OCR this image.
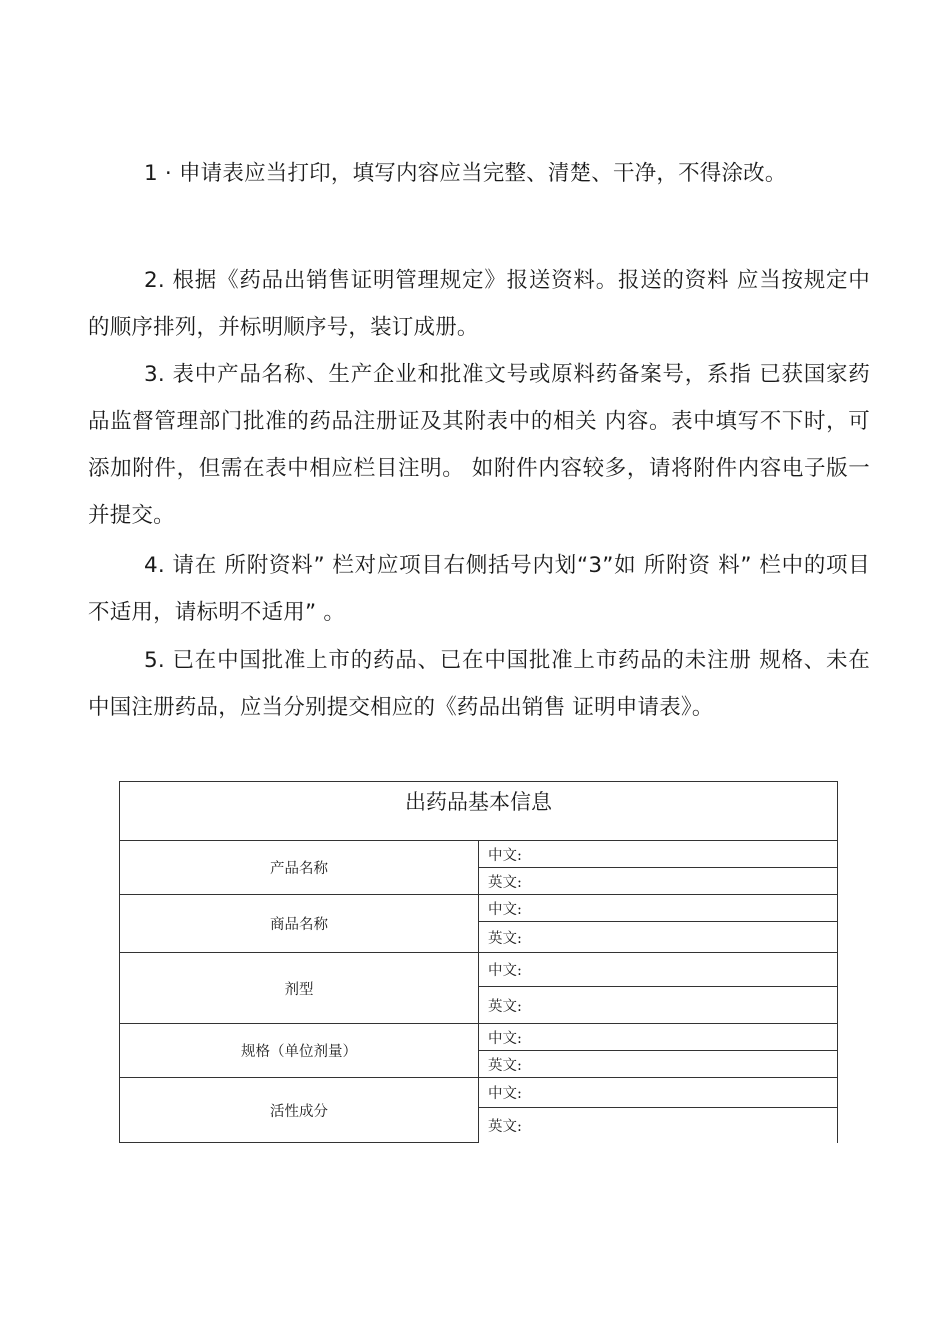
1 · 申请表应当打印，填写内容应当完整、清楚、干净，不得涂改。

2. 根据《药品出销售证明管理规定》报送资料。报送的资料 应当按规定中的顺序排列，并标明顺序号，装订成册。

3. 表中产品名称、生产企业和批准文号或原料药备案号，系指 已获国家药品监督管理部门批准的药品注册证及其附表中的相关 内容。表中填写不下时，可添加附件，但需在表中相应栏目注明。 如附件内容较多，请将附件内容电子版一并提交。

4. 请在 所附资料” 栏对应项目右侧括号内划“3”如 所附资 料” 栏中的项目不适用，请标明不适用” 。

5. 已在中国批准上市的药品、已在中国批准上市药品的未注册 规格、未在中国注册药品，应当分别提交相应的《药品出销售 证明申请表》。

出药品基本信息	
产品名称	中文:
	英文:
商品名称	中文:
	英文:
剂型	中文:
	英文:
规格（单位剂量）	中文:
	英文:
活性成分	中文:
	英文:
